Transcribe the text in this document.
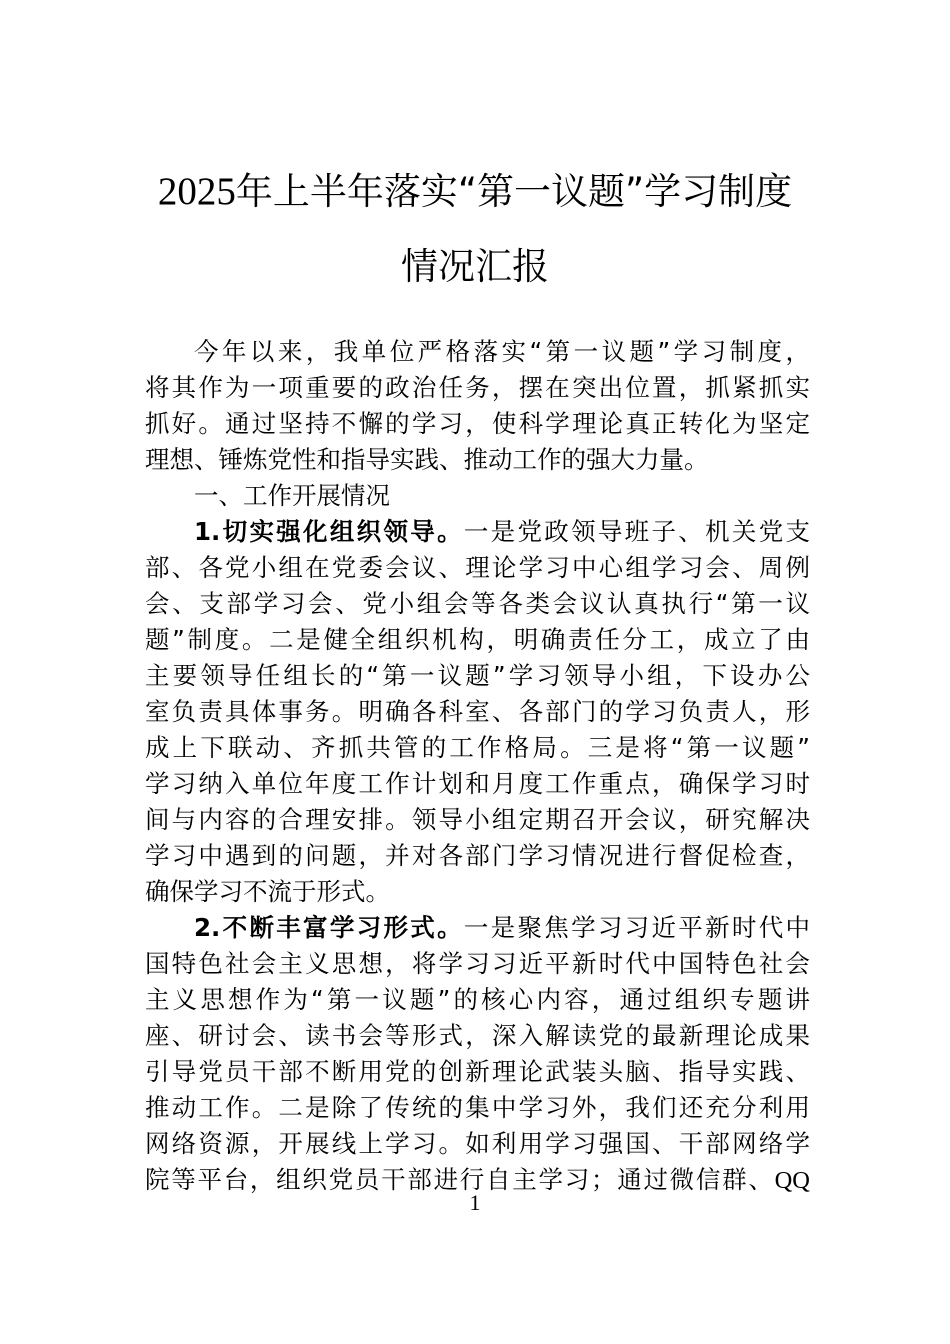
2025年上半年落实“第一议题”学习制度
情况汇报
今年以来，我单位严格落实“第一议题”学习制度，
将其作为一项重要的政治任务，摆在突出位置，抓紧抓实
抓好。通过坚持不懈的学习，使科学理论真正转化为坚定
理想、锤炼党性和指导实践、推动工作的强大力量。
一、工作开展情况
1.切实强化组织领导。一是党政领导班子、机关党支
部、各党小组在党委会议、理论学习中心组学习会、周例
会、支部学习会、党小组会等各类会议认真执行“第一议
题”制度。二是健全组织机构，明确责任分工，成立了由
主要领导任组长的“第一议题”学习领导小组，下设办公
室负责具体事务。明确各科室、各部门的学习负责人，形
成上下联动、齐抓共管的工作格局。三是将“第一议题”
学习纳入单位年度工作计划和月度工作重点，确保学习时
间与内容的合理安排。领导小组定期召开会议，研究解决
学习中遇到的问题，并对各部门学习情况进行督促检查，
确保学习不流于形式。
2.不断丰富学习形式。一是聚焦学习习近平新时代中
国特色社会主义思想，将学习习近平新时代中国特色社会
主义思想作为“第一议题”的核心内容，通过组织专题讲
座、研讨会、读书会等形式，深入解读党的最新理论成果
引导党员干部不断用党的创新理论武装头脑、指导实践、
推动工作。二是除了传统的集中学习外，我们还充分利用
网络资源，开展线上学习。如利用学习强国、干部网络学
院等平台，组织党员干部进行自主学习；通过微信群、QQ
1
